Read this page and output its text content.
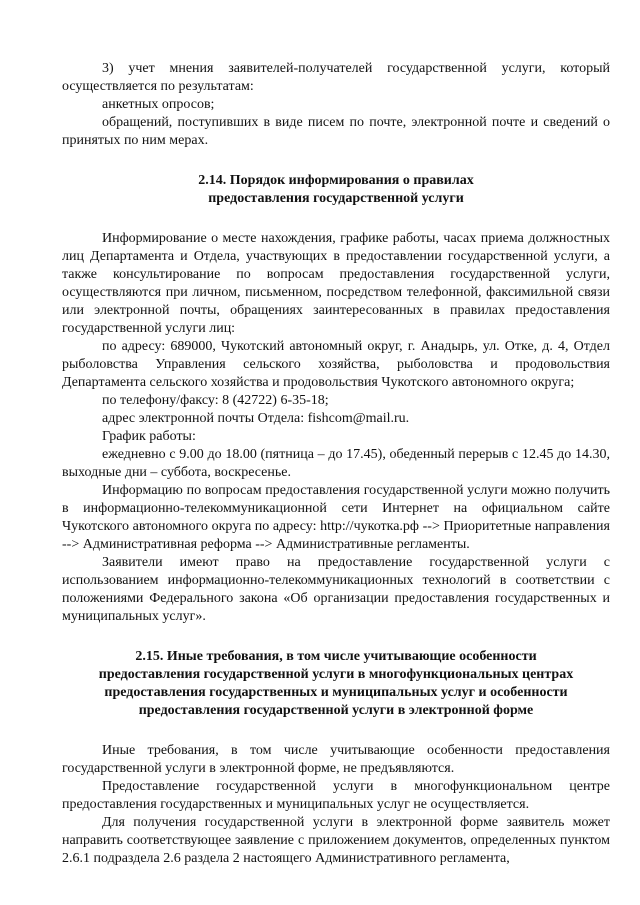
3) учет мнения заявителей-получателей государственной услуги, который осуществляется по результатам:

анкетных опросов;

обращений, поступивших в виде писем по почте, электронной почте и сведений о принятых по ним мерах.

2.14. Порядок информирования о правилах

предоставления государственной услуги

Информирование о месте нахождения, графике работы, часах приема должностных лиц Департамента и Отдела, участвующих в предоставлении государственной услуги, а также консультирование по вопросам предоставления государственной услуги, осуществляются при личном, письменном, посредством телефонной, факсимильной связи или электронной почты, обращениях заинтересованных в правилах предоставления государственной услуги лиц:

по адресу: 689000, Чукотский автономный округ, г. Анадырь, ул. Отке, д. 4, Отдел рыболовства Управления сельского хозяйства, рыболовства и продовольствия Департамента сельского хозяйства и продовольствия Чукотского автономного округа;

по телефону/факсу: 8 (42722) 6-35-18;

адрес электронной почты Отдела: fishcom@mail.ru.

График работы:

ежедневно с 9.00 до 18.00 (пятница – до 17.45), обеденный перерыв с 12.45 до 14.30, выходные дни – суббота, воскресенье.

Информацию по вопросам предоставления государственной услуги можно получить в информационно-телекоммуникационной сети Интернет на официальном сайте Чукотского автономного округа по адресу: http://чукотка.рф --> Приоритетные направления --> Административная реформа --> Административные регламенты.

Заявители имеют право на предоставление государственной услуги с использованием информационно-телекоммуникационных технологий в соответствии с положениями Федерального закона «Об организации предоставления государственных и муниципальных услуг».

2.15. Иные требования, в том числе учитывающие особенности

предоставления государственной услуги в многофункциональных центрах

предоставления государственных и муниципальных услуг и особенности

предоставления государственной услуги в электронной форме

Иные требования, в том числе учитывающие особенности предоставления государственной услуги в электронной форме, не предъявляются.

Предоставление государственной услуги в многофункциональном центре предоставления государственных и муниципальных услуг не осуществляется.

Для получения государственной услуги в электронной форме заявитель может направить соответствующее заявление с приложением документов, определенных пунктом 2.6.1 подраздела 2.6 раздела 2 настоящего Административного регламента,
